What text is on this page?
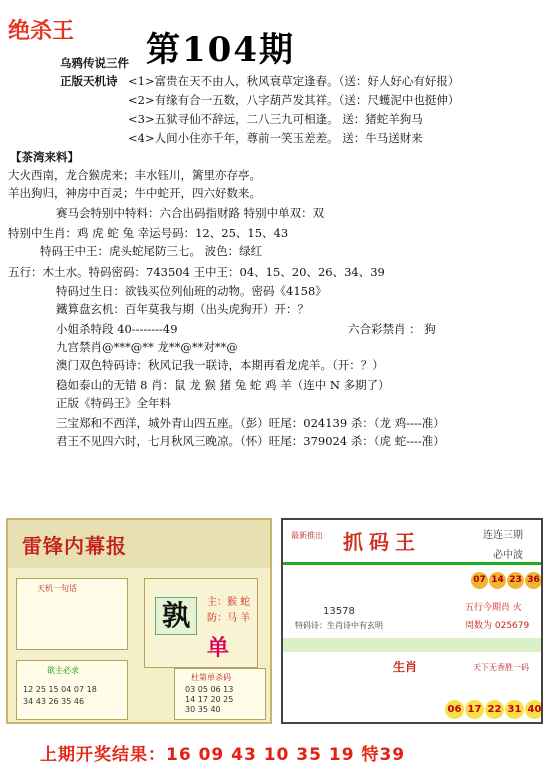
绝杀王 第104期
乌鸦传说三件
正版天机诗 <1>富贵在天不由人，秋风衰草定逢春。（送：好人好心有好报）
<2>有缘有合一五数，八字葫芦发其祥。（送：尺蠖泥中也挺伸）
<3>五狱寻仙不辞远，二八三九可相逢。 送：猪蛇羊狗马
<4>人间小住亦千年，尊前一笑玉差差。 送：牛马送财来
【茶湾来料】
大火西南，龙合猴虎来；丰水钰川，篱里亦存亭。
羊出狗归，神房中百灵；牛中蛇开，四六好数来。
赛马会特别中特料：六合出码指财路 特别中单双：双
特别中生肖：鸡 虎 蛇 兔 幸运号码：12、25、15、43
特码王中王：虎头蛇尾防三七。 波色：绿红
五行：木土水。特码密码：743504 王中王：04、15、20、26、34、39
特码过生日：欲钱买位列仙班的动物。密码《4158》
鐵算盘玄机：百年莫我与期（出头虎狗开）开：？
小姐杀特段 40--------49	六合彩禁肖 ： 狗
九宫禁肖@***@** 龙**@**对**@
澳门双色特码诗：秋风记我一联诗，本期再看龙虎羊。（开：？）
稳如泰山的无错 8 肖：鼠 龙 猴 猪 兔 蛇 鸡 羊（连中 N 多期了）
正版《特码王》全年料
三宝郑和不西洋，城外青山四五座。（彭）旺尾：024139 杀：（龙 鸡----准）
君王不见四六时，七月秋风三晚凉。（怀）旺尾：379024 杀：（虎 蛇----准）
雷锋内幕报
天机一句话
孰	主：猴 蛇
防：马 羊
单
欲主必求
12 25 15 04 07 18
34 43 26 35 46
杜第单杀码
03 05 06 13
14 17 20 25
30 35 40
最新推出 抓码王	连连三期
必中波
07 14 23 36
13578
特码诗：生肖诗中有玄明
五行今期肖 火
周数为 025679
生肖	天下无香胜一码
06 17 22 31 40
上期开奖结果：16 09 43 10 35 19 特39
